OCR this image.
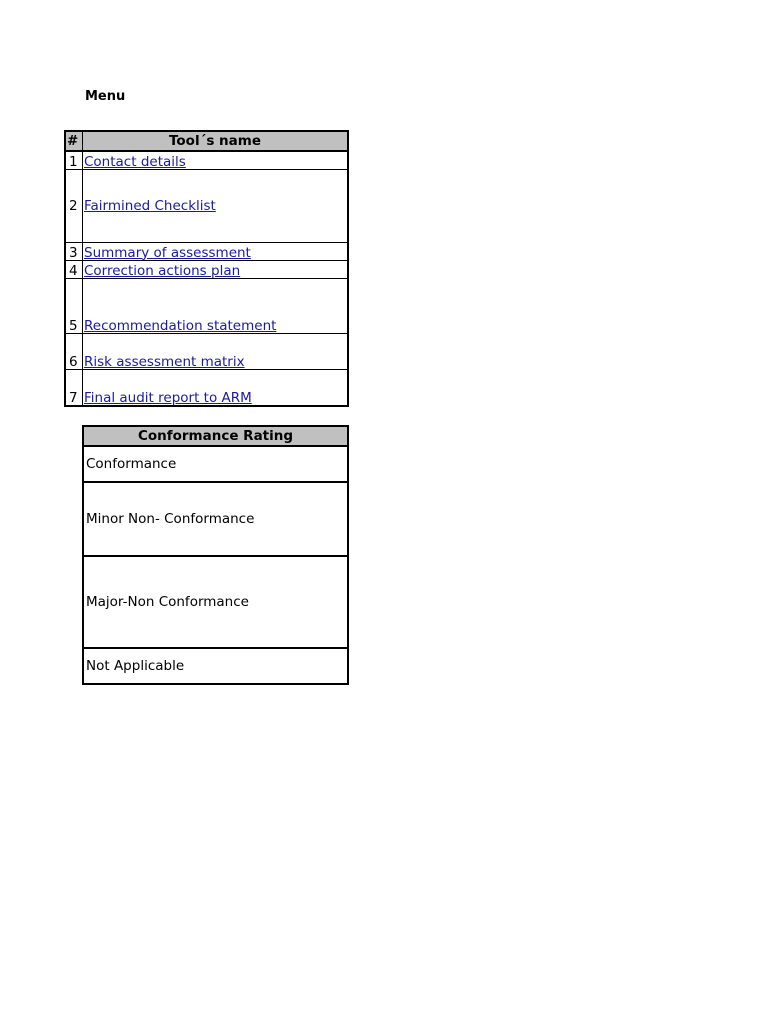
Menu
#	Tool´s name
1	Contact details
2	Fairmined Checklist
3	Summary of assessment
4	Correction actions plan
5	Recommendation statement
6	Risk assessment matrix
7	Final audit report to ARM
Conformance Rating
Conformance
Minor Non- Conformance
Major-Non Conformance
Not Applicable
